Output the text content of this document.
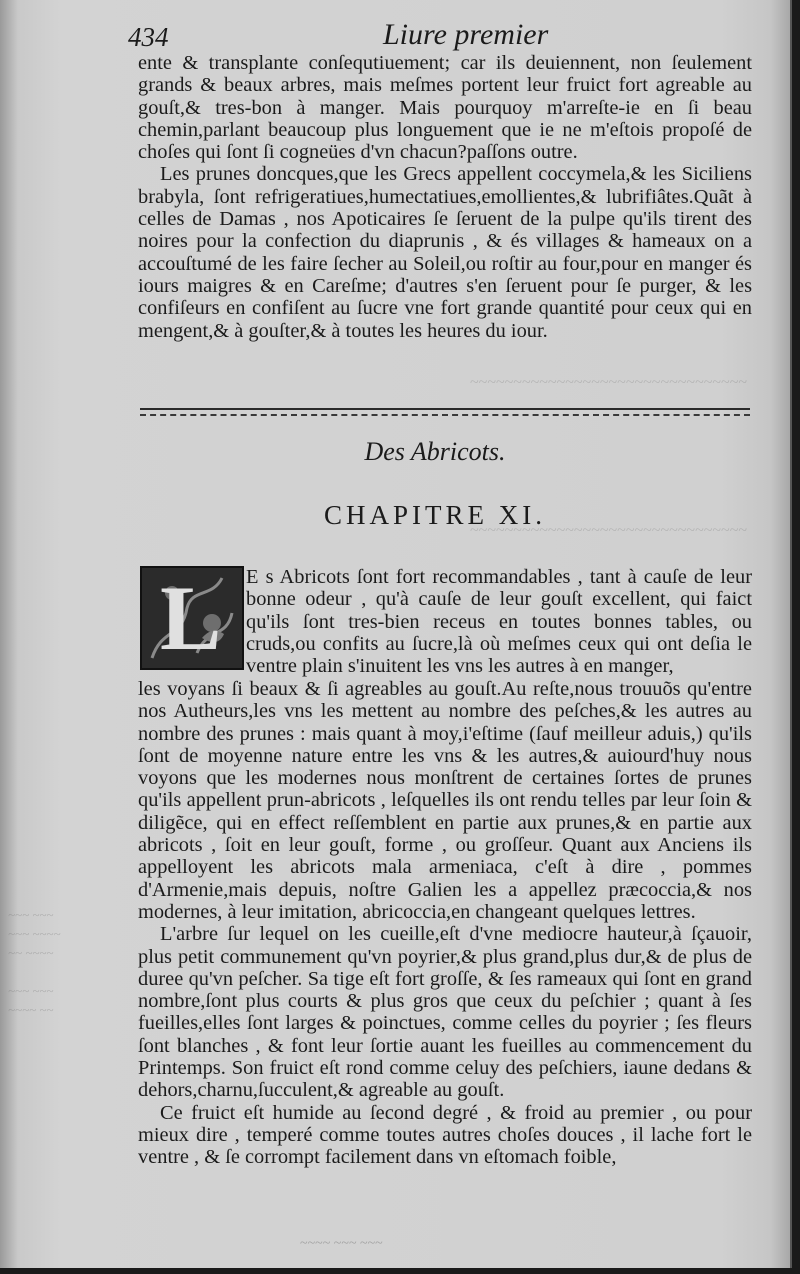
434	Liure premier

ente & transplante conſequtiuement; car ils deuiennent, non ſeulement grands & beaux arbres, mais meſmes portent leur fruict fort agreable au gouſt,& tres-bon à manger. Mais pourquoy m'arreſte-ie en ſi beau chemin,parlant beaucoup plus longuement que ie ne m'eſtois propoſé de choſes qui ſont ſi cogneües d'vn chacun?paſſons outre.

Les prunes doncques,que les Grecs appellent coccymela,& les Siciliens brabyla, ſont refrigeratiues,humectatiues,emollientes,& lubrifiâtes.Quãt à celles de Damas , nos Apoticaires ſe ſeruent de la pulpe qu'ils tirent des noires pour la confection du diaprunis , & és villages & hameaux on a accouſtumé de les faire ſecher au Soleil,ou roſtir au four,pour en manger és iours maigres & en Careſme; d'autres s'en ſeruent pour ſe purger, & les confiſeurs en confiſent au ſucre vne fort grande quantité pour ceux qui en mengent,& à gouſter,& à toutes les heures du iour.

~~~~~~~~~~~~~~~~~~~~~~~~~~~~~~~~
~~~~~~~~~~~~~~~~~~~~~~~~~~~~~~~~
Des Abricots.
CHAPITRE XI.
L E s Abricots ſont fort recommandables , tant à cauſe de leur bonne odeur , qu'à cauſe de leur gouſt excellent, qui faict qu'ils ſont tres-bien receus en toutes bonnes tables, ou cruds,ou confits au ſucre,là où meſmes ceux qui ont deſia le ventre plain s'inuitent les vns les autres à en manger,

les voyans ſi beaux & ſi agreables au gouſt.Au reſte,nous trouuõs qu'entre nos Autheurs,les vns les mettent au nombre des peſches,& les autres au nombre des prunes : mais quant à moy,i'eſtime (ſauf meilleur aduis,) qu'ils ſont de moyenne nature entre les vns & les autres,& auiourd'huy nous voyons que les modernes nous monſtrent de certaines ſortes de prunes qu'ils appellent prun-abricots , leſquelles ils ont rendu telles par leur ſoin & diligẽce, qui en effect reſſemblent en partie aux prunes,& en partie aux abricots , ſoit en leur gouſt, forme , ou groſſeur. Quant aux Anciens ils appelloyent les abricots mala armeniaca, c'eſt à dire , pommes d'Armenie,mais depuis, noſtre Galien les a appellez præcoccia,& nos modernes, à leur imitation, abricoccia,en changeant quelques lettres.

L'arbre ſur lequel on les cueille,eſt d'vne mediocre hauteur,à ſçauoir, plus petit communement qu'vn poyrier,& plus grand,plus dur,& de plus de duree qu'vn peſcher. Sa tige eſt fort groſſe, & ſes rameaux qui ſont en grand nombre,ſont plus courts & plus gros que ceux du peſchier ; quant à ſes fueilles,elles ſont larges & poinctues, comme celles du poyrier ; ſes fleurs ſont blanches , & font leur ſortie auant les fueilles au commencement du Printemps. Son fruict eſt rond comme celuy des peſchiers, iaune dedans & dehors,charnu,ſucculent,& agreable au gouſt.

Ce fruict eſt humide au ſecond degré , & froid au premier , ou pour mieux dire , temperé comme toutes autres choſes douces , il lache fort le ventre , & ſe corrompt facilement dans vn eſtomach foible,

~~~ ~~~
~~~ ~~~~
~~ ~~~~

~~~ ~~~
~~~~ ~~
~~~~ ~~~ ~~~
